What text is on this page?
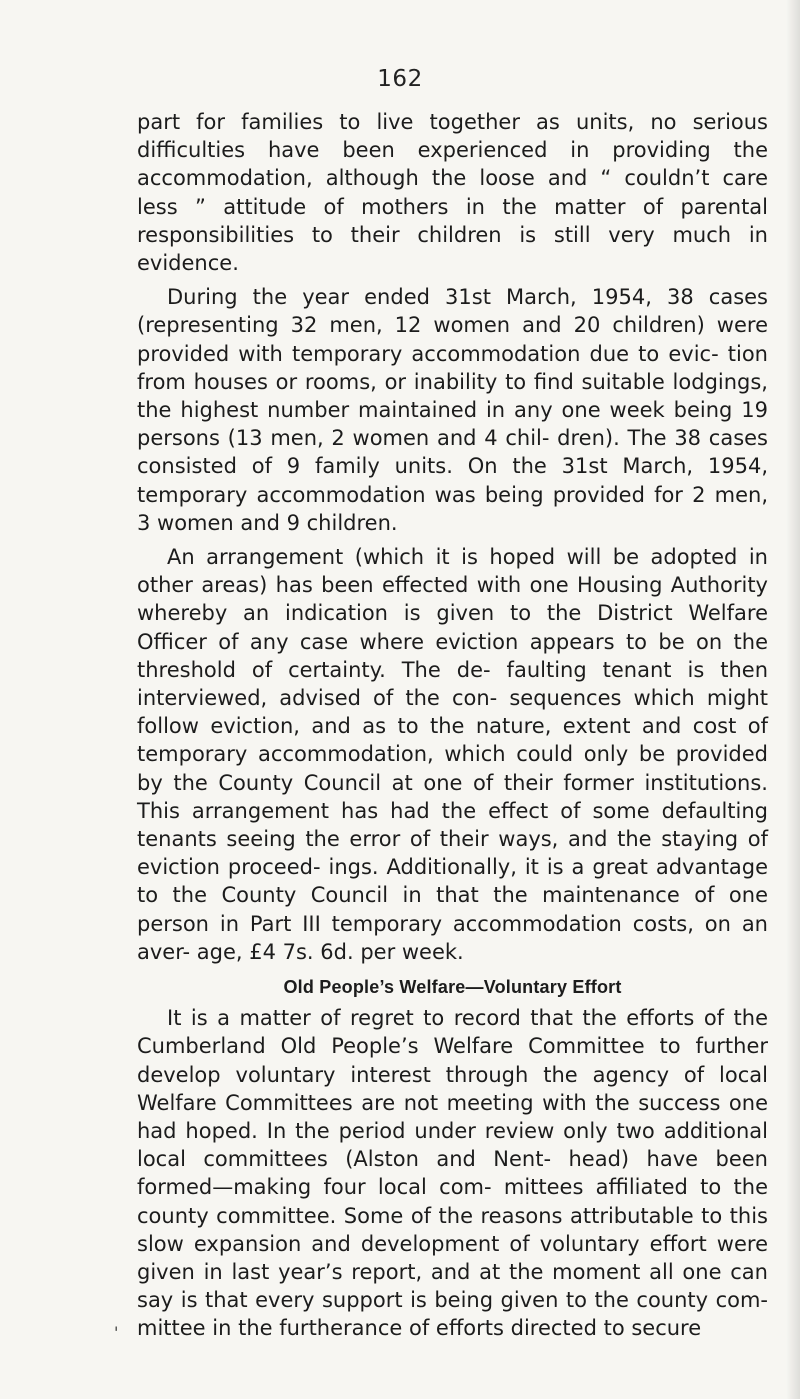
162

part for families to live together as units, no serious difficulties have been experienced in providing the accommodation, although the loose and “ couldn’t care less ” attitude of mothers in the matter of parental responsibilities to their children is still very much in evidence.

During the year ended 31st March, 1954, 38 cases (representing 32 men, 12 women and 20 children) were provided with temporary accommodation due to evic- tion from houses or rooms, or inability to find suitable lodgings, the highest number maintained in any one week being 19 persons (13 men, 2 women and 4 chil- dren). The 38 cases consisted of 9 family units. On the 31st March, 1954, temporary accommodation was being provided for 2 men, 3 women and 9 children.

An arrangement (which it is hoped will be adopted in other areas) has been effected with one Housing Authority whereby an indication is given to the District Welfare Officer of any case where eviction appears to be on the threshold of certainty. The de- faulting tenant is then interviewed, advised of the con- sequences which might follow eviction, and as to the nature, extent and cost of temporary accommodation, which could only be provided by the County Council at one of their former institutions. This arrangement has had the effect of some defaulting tenants seeing the error of their ways, and the staying of eviction proceed- ings. Additionally, it is a great advantage to the County Council in that the maintenance of one person in Part III temporary accommodation costs, on an aver- age, £4 7s. 6d. per week.

Old People’s Welfare—Voluntary Effort

It is a matter of regret to record that the efforts of the Cumberland Old People’s Welfare Committee to further develop voluntary interest through the agency of local Welfare Committees are not meeting with the success one had hoped. In the period under review only two additional local committees (Alston and Nent- head) have been formed—making four local com- mittees affiliated to the county committee. Some of the reasons attributable to this slow expansion and development of voluntary effort were given in last year’s report, and at the moment all one can say is that every support is being given to the county com- mittee in the furtherance of efforts directed to secure

'
